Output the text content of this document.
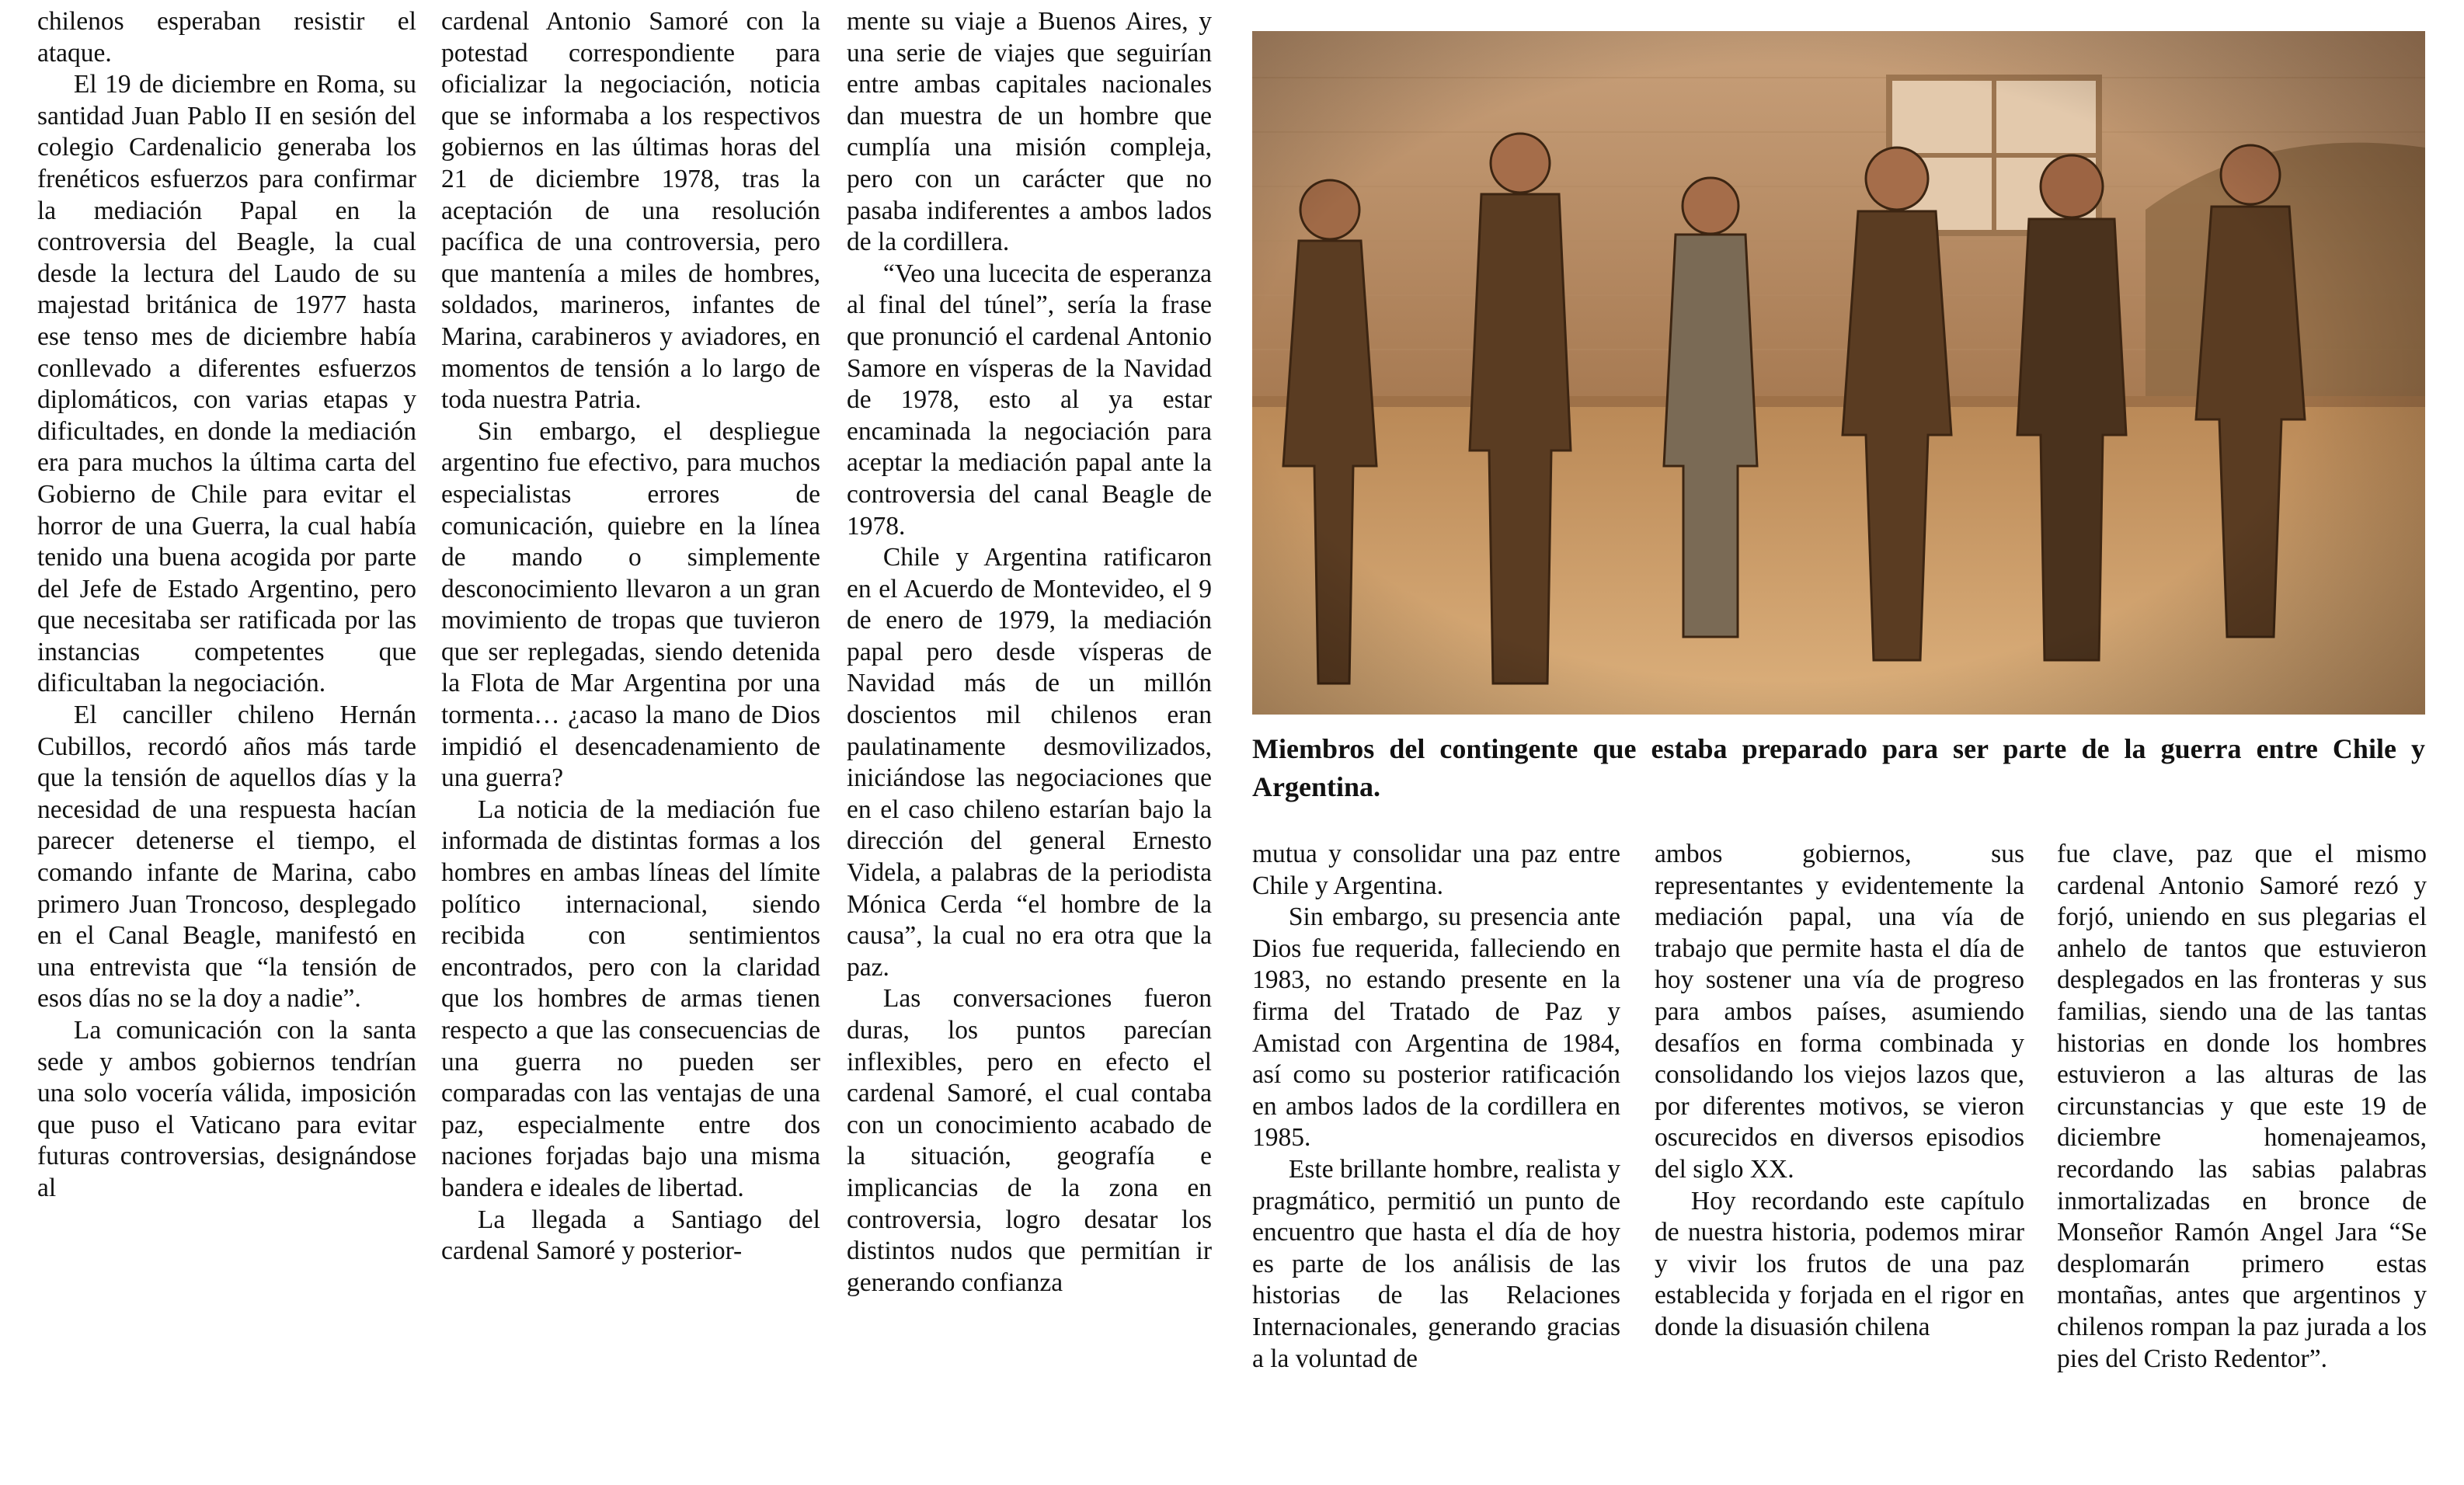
chilenos esperaban resistir el ataque.

El 19 de diciembre en Roma, su santidad Juan Pablo II en sesión del colegio Cardenalicio generaba los frenéticos esfuerzos para confirmar la mediación Papal en la controversia del Beagle, la cual desde la lectura del Laudo de su majestad británica de 1977 hasta ese tenso mes de diciembre había conllevado a diferentes esfuerzos diplomáticos, con varias etapas y dificultades, en donde la mediación era para muchos la última carta del Gobierno de Chile para evitar el horror de una Guerra, la cual había tenido una buena acogida por parte del Jefe de Estado Argentino, pero que necesitaba ser ratificada por las instancias competentes que dificultaban la negociación.

El canciller chileno Hernán Cubillos, recordó años más tarde que la tensión de aquellos días y la necesidad de una respuesta hacían parecer detenerse el tiempo, el comando infante de Marina, cabo primero Juan Troncoso, desplegado en el Canal Beagle, manifestó en una entrevista que “la tensión de esos días no se la doy a nadie”.

La comunicación con la santa sede y ambos gobiernos tendrían una solo vocería válida, imposición que puso el Vaticano para evitar futuras controversias, designándose al

cardenal Antonio Samoré con la potestad correspondiente para oficializar la negociación, noticia que se informaba a los respectivos gobiernos en las últimas horas del 21 de diciembre 1978, tras la aceptación de una resolución pacífica de una controversia, pero que mantenía a miles de hombres, soldados, marineros, infantes de Marina, carabineros y aviadores, en momentos de tensión a lo largo de toda nuestra Patria.

Sin embargo, el despliegue argentino fue efectivo, para muchos especialistas errores de comunicación, quiebre en la línea de mando o simplemente desconocimiento llevaron a un gran movimiento de tropas que tuvieron que ser replegadas, siendo detenida la Flota de Mar Argentina por una tormenta… ¿acaso la mano de Dios impidió el desencadenamiento de una guerra?

La noticia de la mediación fue informada de distintas formas a los hombres en ambas líneas del límite político internacional, siendo recibida con sentimientos encontrados, pero con la claridad que los hombres de armas tienen respecto a que las consecuencias de una guerra no pueden ser comparadas con las ventajas de una paz, especialmente entre dos naciones forjadas bajo una misma bandera e ideales de libertad.

La llegada a Santiago del cardenal Samoré y posterior-

mente su viaje a Buenos Aires, y una serie de viajes que seguirían entre ambas capitales nacionales dan muestra de un hombre que cumplía una misión compleja, pero con un carácter que no pasaba indiferentes a ambos lados de la cordillera.

“Veo una lucecita de esperanza al final del túnel”, sería la frase que pronunció el cardenal Antonio Samore en vísperas de la Navidad de 1978, esto al ya estar encaminada la negociación para aceptar la mediación papal ante la controversia del canal Beagle de 1978.

Chile y Argentina ratificaron en el Acuerdo de Montevideo, el 9 de enero de 1979, la mediación papal pero desde vísperas de Navidad más de un millón doscientos mil chilenos eran paulatinamente desmovilizados, iniciándose las negociaciones que en el caso chileno estarían bajo la dirección del general Ernesto Videla, a palabras de la periodista Mónica Cerda “el hombre de la causa”, la cual no era otra que la paz.

Las conversaciones fueron duras, los puntos parecían inflexibles, pero en efecto el cardenal Samoré, el cual contaba con un conocimiento acabado de la situación, geografía e implicancias de la zona en controversia, logro desatar los distintos nudos que permitían ir generando confianza

Miembros del contingente que estaba preparado para ser parte de la guerra entre Chile y Argentina.

mutua y consolidar una paz entre Chile y Argentina.

Sin embargo, su presencia ante Dios fue requerida, falleciendo en 1983, no estando presente en la firma del Tratado de Paz y Amistad con Argentina de 1984, así como su posterior ratificación en ambos lados de la cordillera en 1985.

Este brillante hombre, realista y pragmático, permitió un punto de encuentro que hasta el día de hoy es parte de los análisis de las historias de las Relaciones Internacionales, generando gracias a la voluntad de

ambos gobiernos, sus representantes y evidentemente la mediación papal, una vía de trabajo que permite hasta el día de hoy sostener una vía de progreso para ambos países, asumiendo desafíos en forma combinada y consolidando los viejos lazos que, por diferentes motivos, se vieron oscurecidos en diversos episodios del siglo XX.

Hoy recordando este capítulo de nuestra historia, podemos mirar y vivir los frutos de una paz establecida y forjada en el rigor en donde la disuasión chilena

fue clave, paz que el mismo cardenal Antonio Samoré rezó y forjó, uniendo en sus plegarias el anhelo de tantos que estuvieron desplegados en las fronteras y sus familias, siendo una de las tantas historias en donde los hombres estuvieron a las alturas de las circunstancias y que este 19 de diciembre homenajeamos, recordando las sabias palabras inmortalizadas en bronce de Monseñor Ramón Angel Jara “Se desplomarán primero estas montañas, antes que argentinos y chilenos rompan la paz jurada a los pies del Cristo Redentor”.
